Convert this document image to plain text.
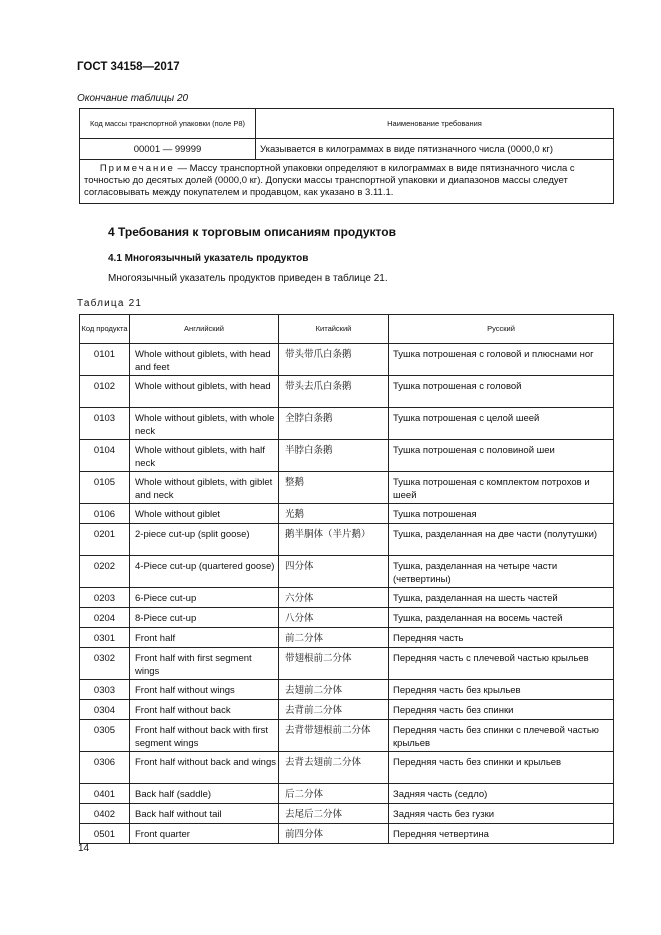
ГОСТ 34158—2017
Окончание таблицы 20
Код массы транспортной упаковки (поле P8)	Наименование требования
00001 — 99999	Указывается в килограммах в виде пятизначного числа (0000,0 кг)
Примечание — Массу транспортной упаковки определяют в килограммах в виде пятизначного числа с точностью до десятых долей (0000,0 кг). Допуски массы транспортной упаковки и диапазонов массы следует согласовывать между покупателем и продавцом, как указано в 3.11.1.	
4 Требования к торговым описаниям продуктов
4.1 Многоязычный указатель продуктов
Многоязычный указатель продуктов приведен в таблице 21.
Таблица 21
Код продукта	Английский	Китайский	Русский
0101	Whole without giblets, with head and feet	带头带爪白条鹅	Тушка потрошеная с головой и плюснами ног
0102	Whole without giblets, with head	带头去爪白条鹅	Тушка потрошеная с головой
0103	Whole without giblets, with whole neck	全脖白条鹅	Тушка потрошеная с целой шеей
0104	Whole without giblets, with half neck	半脖白条鹅	Тушка потрошеная с половиной шеи
0105	Whole without giblets, with giblet and neck	整鹅	Тушка потрошеная с комплектом потрохов и шеей
0106	Whole without giblet	光鹅	Тушка потрошеная
0201	2-piece cut-up (split goose)	鹅半胴体（半片鹅）	Тушка, разделанная на две части (полутушки)
0202	4-Piece cut-up (quartered goose)	四分体	Тушка, разделанная на четыре части (четвертины)
0203	6-Piece cut-up	六分体	Тушка, разделанная на шесть частей
0204	8-Piece cut-up	八分体	Тушка, разделанная на восемь частей
0301	Front half	前二分体	Передняя часть
0302	Front half with first segment wings	带翅根前二分体	Передняя часть с плечевой частью крыльев
0303	Front half without wings	去翅前二分体	Передняя часть без крыльев
0304	Front half without back	去背前二分体	Передняя часть без спинки
0305	Front half without back with first segment wings	去背带翅根前二分体	Передняя часть без спинки с плечевой частью крыльев
0306	Front half without back and wings	去背去翅前二分体	Передняя часть без спинки и крыльев
0401	Back half (saddle)	后二分体	Задняя часть (седло)
0402	Back half without tail	去尾后二分体	Задняя часть без гузки
0501	Front quarter	前四分体	Передняя четвертина
14
